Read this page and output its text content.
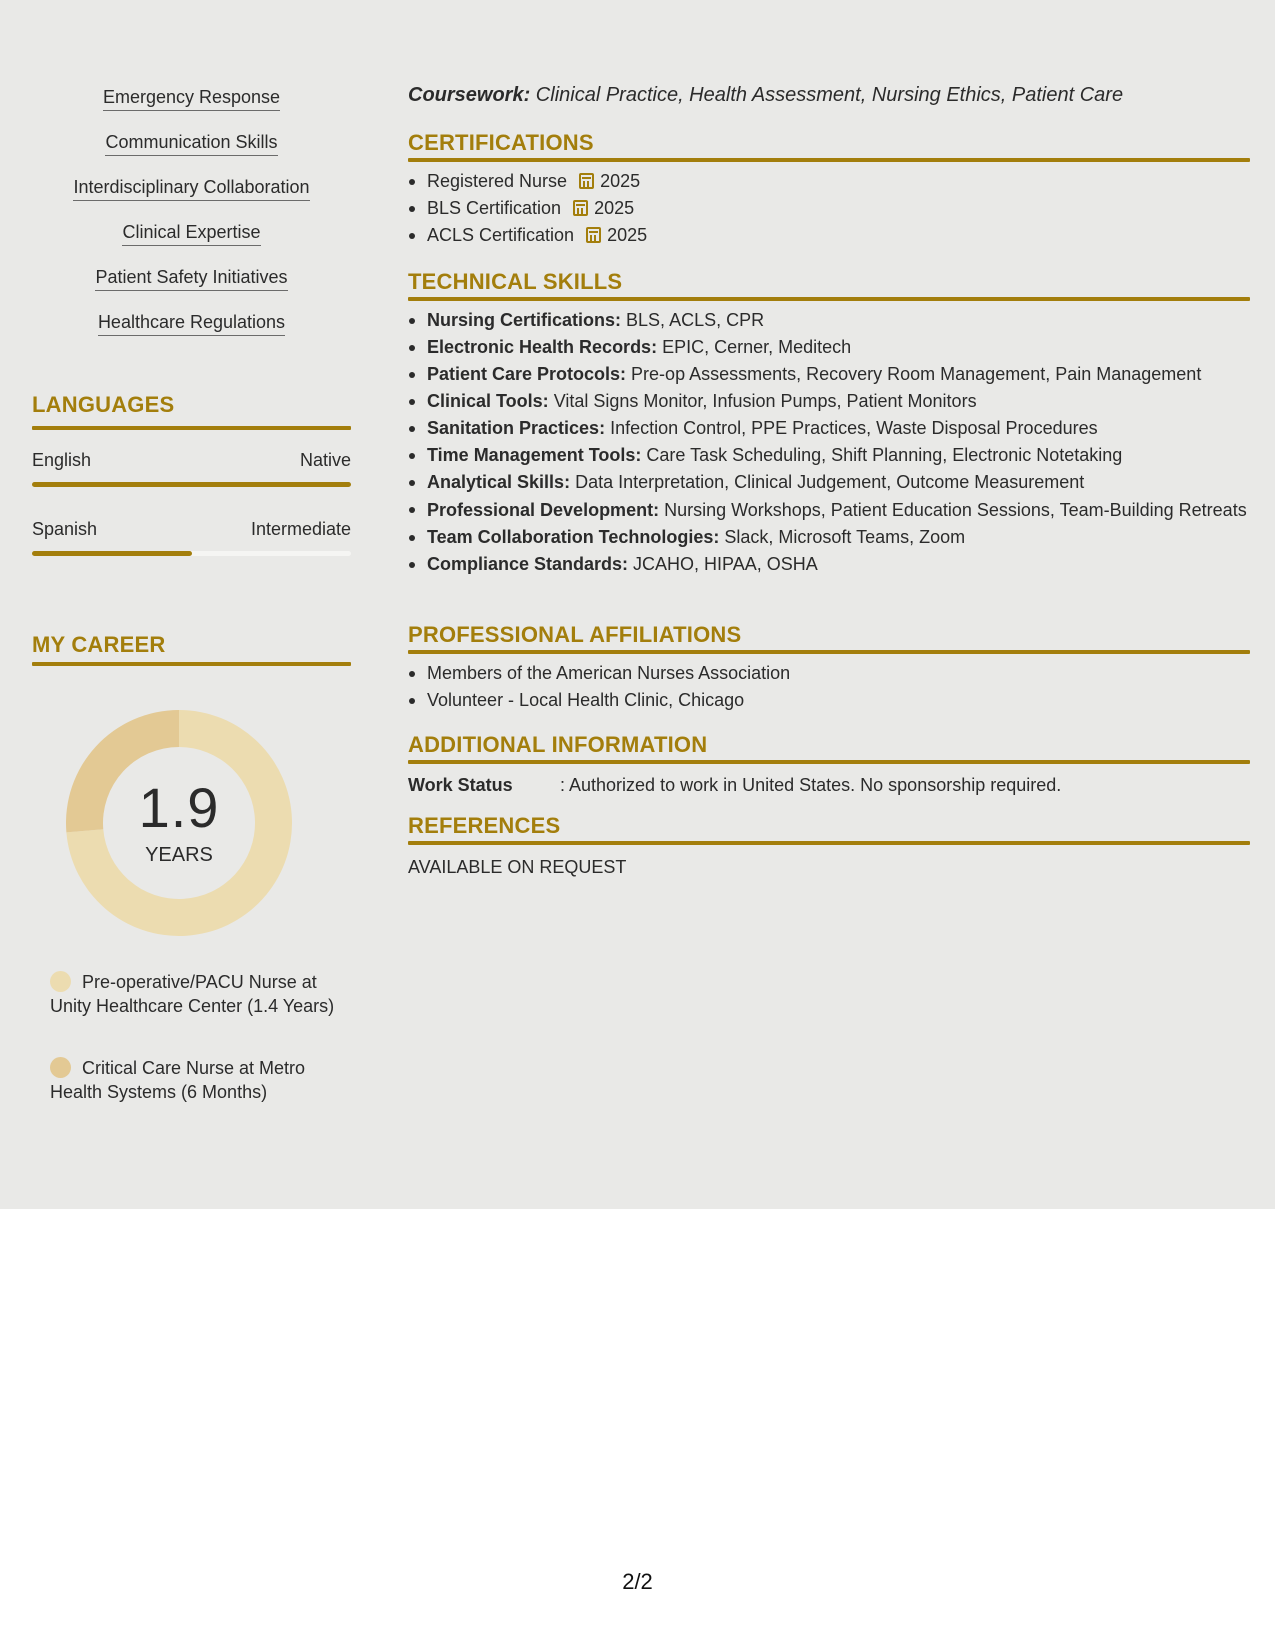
Emergency Response
Communication Skills
Interdisciplinary Collaboration
Clinical Expertise
Patient Safety Initiatives
Healthcare Regulations
LANGUAGES
English	Native
Spanish	Intermediate
MY CAREER
1.9
YEARS
Pre-operative/PACU Nurse at Unity Healthcare Center (1.4 Years)
Critical Care Nurse at Metro Health Systems (6 Months)
Coursework: Clinical Practice, Health Assessment, Nursing Ethics, Patient Care
CERTIFICATIONS
Registered Nurse 2025
BLS Certification 2025
ACLS Certification 2025
TECHNICAL SKILLS
Nursing Certifications: BLS, ACLS, CPR
Electronic Health Records: EPIC, Cerner, Meditech
Patient Care Protocols: Pre-op Assessments, Recovery Room Management, Pain Management
Clinical Tools: Vital Signs Monitor, Infusion Pumps, Patient Monitors
Sanitation Practices: Infection Control, PPE Practices, Waste Disposal Procedures
Time Management Tools: Care Task Scheduling, Shift Planning, Electronic Notetaking
Analytical Skills: Data Interpretation, Clinical Judgement, Outcome Measurement
Professional Development: Nursing Workshops, Patient Education Sessions, Team-Building Retreats
Team Collaboration Technologies: Slack, Microsoft Teams, Zoom
Compliance Standards: JCAHO, HIPAA, OSHA
PROFESSIONAL AFFILIATIONS
Members of the American Nurses Association
Volunteer - Local Health Clinic, Chicago
ADDITIONAL INFORMATION
Work Status	: Authorized to work in United States. No sponsorship required.
REFERENCES
AVAILABLE ON REQUEST
2/2
